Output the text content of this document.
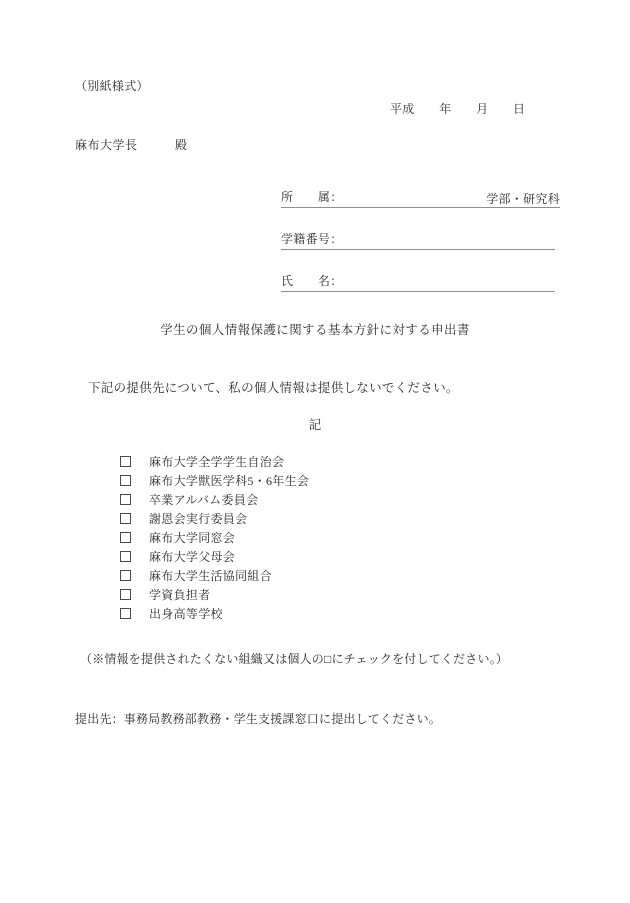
（別紙様式）
平成　　年　　月　　日
麻布大学長　　　殿
所　　属：	学部・研究科
学籍番号：
氏　　名：
学生の個人情報保護に関する基本方針に対する申出書
下記の提供先について、私の個人情報は提供しないでください。
記
麻布大学全学学生自治会
麻布大学獣医学科5・6年生会
卒業アルバム委員会
謝恩会実行委員会
麻布大学同窓会
麻布大学父母会
麻布大学生活協同組合
学資負担者
出身高等学校
（※情報を提供されたくない組織又は個人の□にチェックを付してください。）
提出先：事務局教務部教務・学生支援課窓口に提出してください。
